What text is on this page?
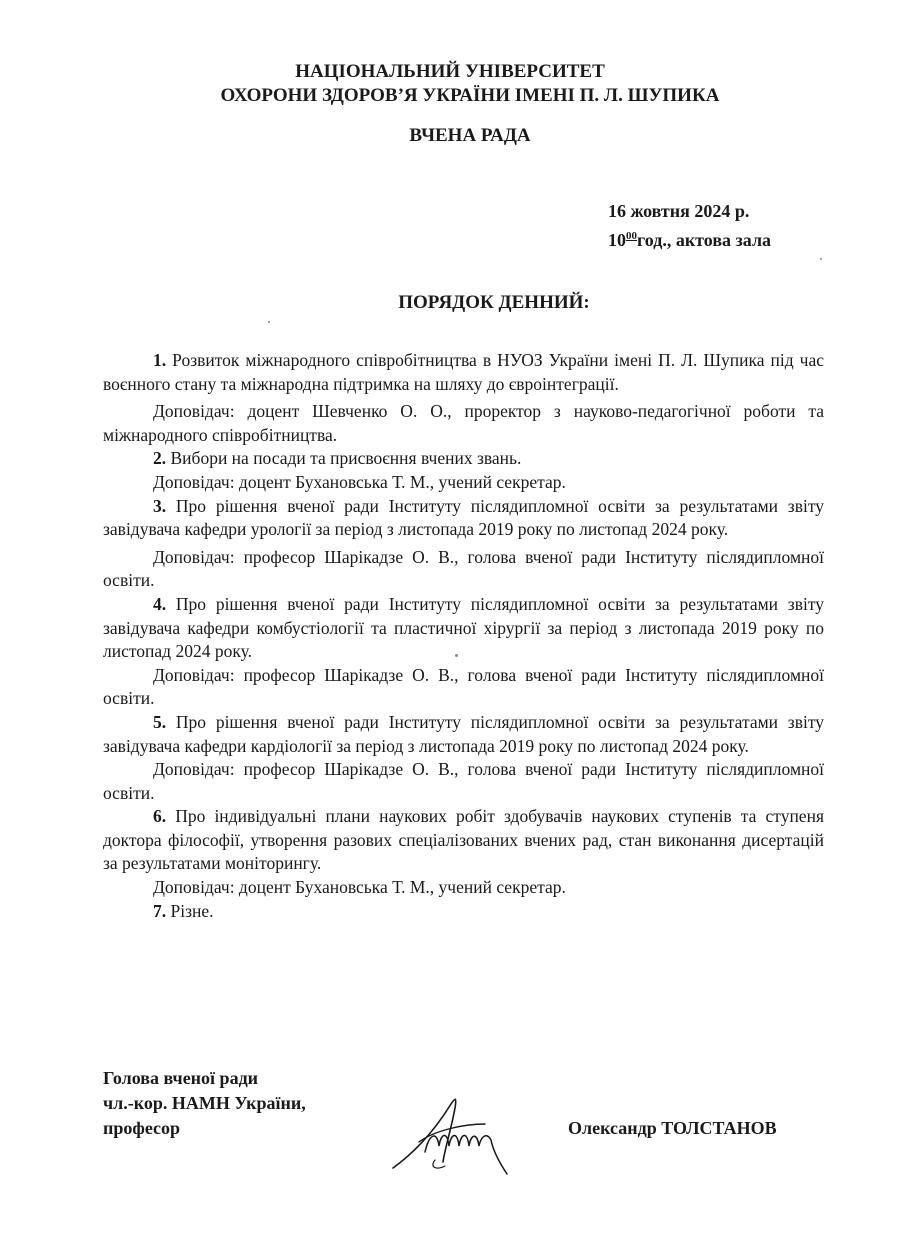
НАЦІОНАЛЬНИЙ УНІВЕРСИТЕТ
ОХОРОНИ ЗДОРОВ’Я УКРАЇНИ ІМЕНІ П. Л. ШУПИКА
ВЧЕНА РАДА
16 жовтня 2024 р.
$10^{00}год$., актова зала
ПОРЯДОК ДЕННИЙ:

1. Розвиток міжнародного співробітництва в НУОЗ України імені П. Л. Шупика під час воєнного стану та міжнародна підтримка на шляху до євроінтеграції.

Доповідач: доцент Шевченко О. О., проректор з науково-педагогічної роботи та міжнародного співробітництва.

2. Вибори на посади та присвоєння вчених звань.

Доповідач: доцент Бухановська Т. М., учений секретар.

3. Про рішення вченої ради Інституту післядипломної освіти за результатами звіту завідувача кафедри урології за період з листопада 2019 року по листопад 2024 року.

Доповідач: професор Шарікадзе О. В., голова вченої ради Інституту післядипломної освіти.

4. Про рішення вченої ради Інституту післядипломної освіти за результатами звіту завідувача кафедри комбустіології та пластичної хірургії за період з листопада 2019 року по листопад 2024 року.

Доповідач: професор Шарікадзе О. В., голова вченої ради Інституту післядипломної освіти.

5. Про рішення вченої ради Інституту післядипломної освіти за результатами звіту завідувача кафедри кардіології за період з листопада 2019 року по листопад 2024 року.

Доповідач: професор Шарікадзе О. В., голова вченої ради Інституту післядипломної освіти.

6. Про індивідуальні плани наукових робіт здобувачів наукових ступенів та ступеня доктора філософії, утворення разових спеціалізованих вчених рад, стан виконання дисертацій за результатами моніторингу.

Доповідач: доцент Бухановська Т. М., учений секретар.

7. Різне.

Голова вченої ради
чл.-кор. НАМН України,
професор	Олександр ТОЛСТАНОВ
